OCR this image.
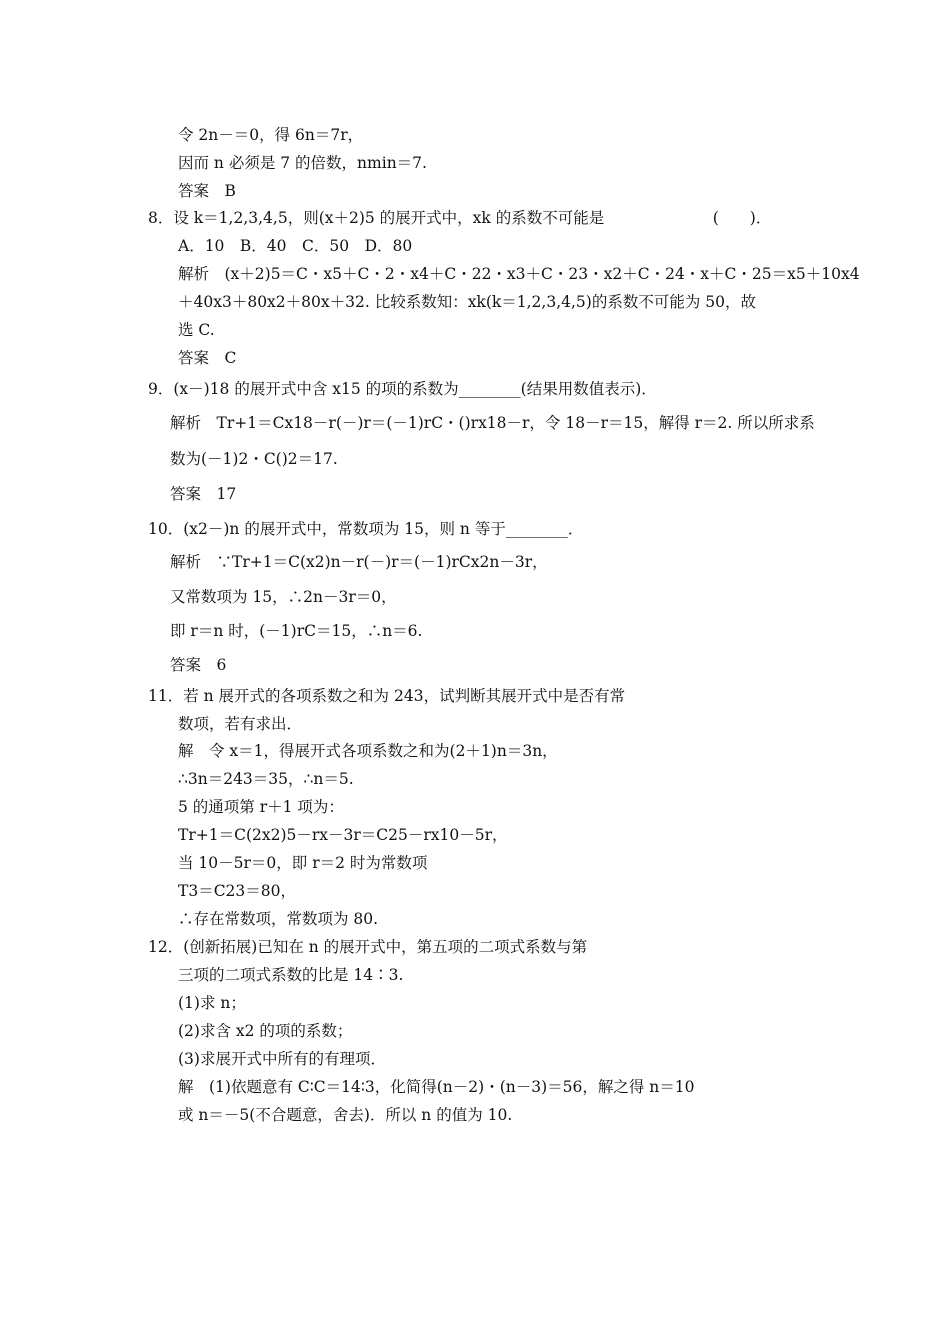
令 2n－＝0，得 6n＝7r，
因而 n 必须是 7 的倍数，nmin＝7.
答案　B
8．设 k＝1,2,3,4,5，则(x＋2)5 的展开式中，xk 的系数不可能是　　　　　　　(　　)．
A．10　B．40　C．50　D．80
解析　(x＋2)5＝C・x5＋C・2・x4＋C・22・x3＋C・23・x2＋C・24・x＋C・25＝x5＋10x4
＋40x3＋80x2＋80x＋32. 比较系数知：xk(k＝1,2,3,4,5)的系数不可能为 50，故
选 C.
答案　C
9．(x－)18 的展开式中含 x15 的项的系数为________(结果用数值表示)．
解析　Tr+1＝Cx18－r(－)r＝(－1)rC・()rx18－r，令 18－r＝15，解得 r＝2. 所以所求系
数为(－1)2・C()2＝17.
答案　17
10．(x2－)n 的展开式中，常数项为 15，则 n 等于________．
解析　∵Tr+1＝C(x2)n－r(－)r＝(－1)rCx2n－3r，
又常数项为 15，∴2n－3r＝0，
即 r＝n 时，(－1)rC＝15，∴n＝6.
答案　6
11．若 n 展开式的各项系数之和为 243，试判断其展开式中是否有常
数项，若有求出．
解　令 x＝1，得展开式各项系数之和为(2＋1)n＝3n，
∴3n＝243＝35，∴n＝5.
5 的通项第 r＋1 项为：
Tr+1＝C(2x2)5－rx－3r＝C25－rx10－5r，
当 10－5r＝0，即 r＝2 时为常数项
T3＝C23＝80，
∴存在常数项，常数项为 80.
12．(创新拓展)已知在 n 的展开式中，第五项的二项式系数与第
三项的二项式系数的比是 14∶3.
(1)求 n；
(2)求含 x2 的项的系数；
(3)求展开式中所有的有理项．
解　(1)依题意有 C∶C＝14∶3，化简得(n－2)・(n－3)＝56，解之得 n＝10
或 n＝－5(不合题意，舍去)．所以 n 的值为 10.
